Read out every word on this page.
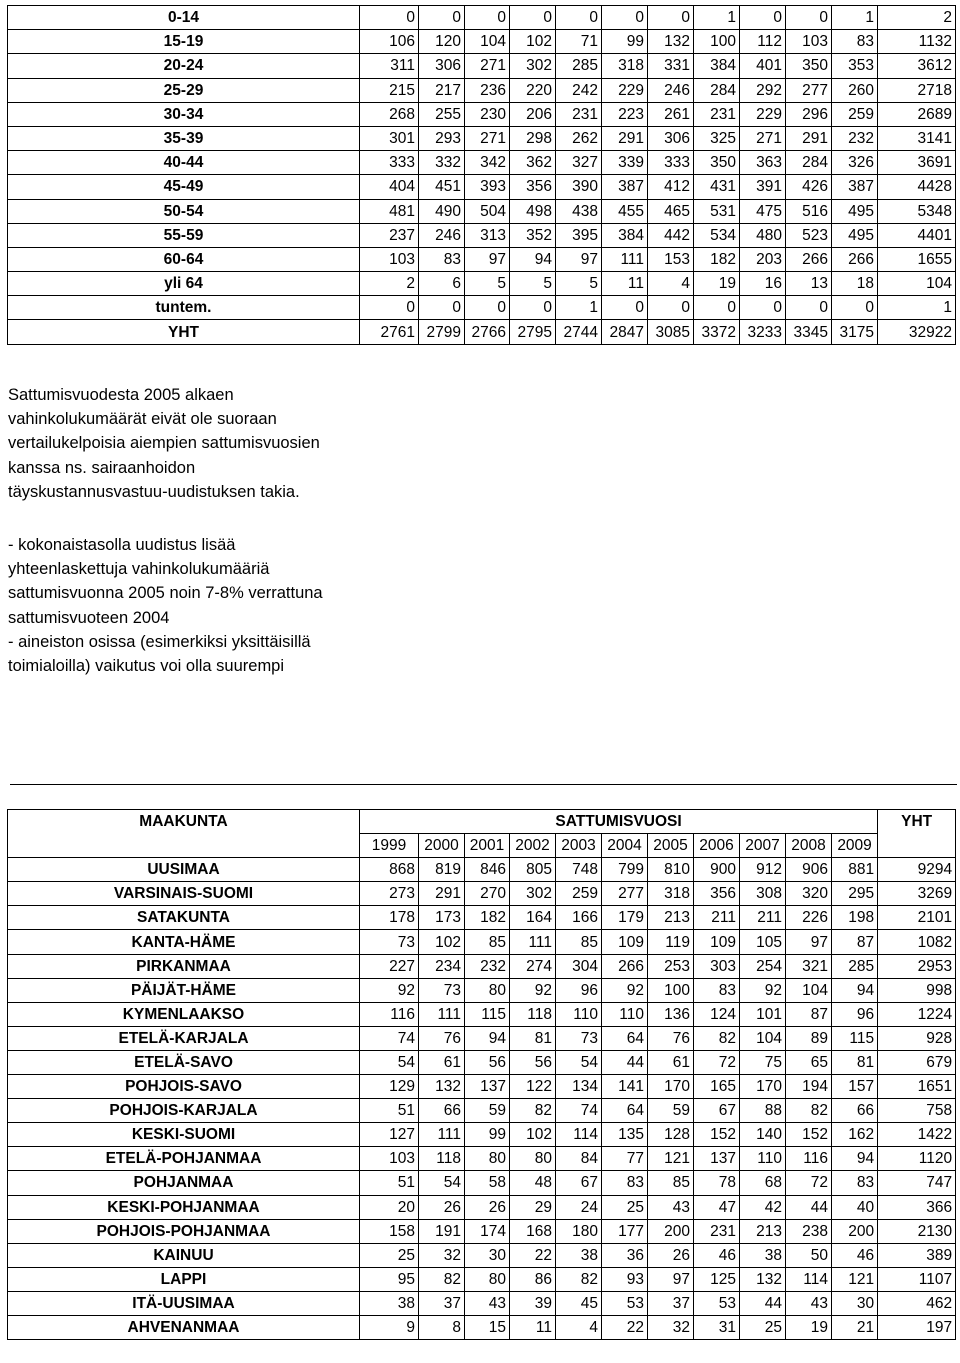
0-14	0	0	0	0	0	0	0	1	0	0	1	2
15-19	106	120	104	102	71	99	132	100	112	103	83	1132
20-24	311	306	271	302	285	318	331	384	401	350	353	3612
25-29	215	217	236	220	242	229	246	284	292	277	260	2718
30-34	268	255	230	206	231	223	261	231	229	296	259	2689
35-39	301	293	271	298	262	291	306	325	271	291	232	3141
40-44	333	332	342	362	327	339	333	350	363	284	326	3691
45-49	404	451	393	356	390	387	412	431	391	426	387	4428
50-54	481	490	504	498	438	455	465	531	475	516	495	5348
55-59	237	246	313	352	395	384	442	534	480	523	495	4401
60-64	103	83	97	94	97	111	153	182	203	266	266	1655
yli 64	2	6	5	5	5	11	4	19	16	13	18	104
tuntem.	0	0	0	0	1	0	0	0	0	0	0	1
YHT	2761	2799	2766	2795	2744	2847	3085	3372	3233	3345	3175	32922
Sattumisvuodesta 2005 alkaen
vahinkolukumäärät eivät ole suoraan
vertailukelpoisia aiempien sattumisvuosien
kanssa ns. sairaanhoidon
täyskustannusvastuu-uudistuksen takia.
- kokonaistasolla uudistus lisää
yhteenlaskettuja vahinkolukumääriä
sattumisvuonna 2005 noin 7-8% verrattuna
sattumisvuoteen 2004
- aineiston osissa (esimerkiksi yksittäisillä
toimialoilla) vaikutus voi olla suurempi
MAAKUNTA	SATTUMISVUOSI											YHT
	1999	2000	2001	2002	2003	2004	2005	2006	2007	2008	2009	
UUSIMAA	868	819	846	805	748	799	810	900	912	906	881	9294
VARSINAIS-SUOMI	273	291	270	302	259	277	318	356	308	320	295	3269
SATAKUNTA	178	173	182	164	166	179	213	211	211	226	198	2101
KANTA-HÄME	73	102	85	111	85	109	119	109	105	97	87	1082
PIRKANMAA	227	234	232	274	304	266	253	303	254	321	285	2953
PÄIJÄT-HÄME	92	73	80	92	96	92	100	83	92	104	94	998
KYMENLAAKSO	116	111	115	118	110	110	136	124	101	87	96	1224
ETELÄ-KARJALA	74	76	94	81	73	64	76	82	104	89	115	928
ETELÄ-SAVO	54	61	56	56	54	44	61	72	75	65	81	679
POHJOIS-SAVO	129	132	137	122	134	141	170	165	170	194	157	1651
POHJOIS-KARJALA	51	66	59	82	74	64	59	67	88	82	66	758
KESKI-SUOMI	127	111	99	102	114	135	128	152	140	152	162	1422
ETELÄ-POHJANMAA	103	118	80	80	84	77	121	137	110	116	94	1120
POHJANMAA	51	54	58	48	67	83	85	78	68	72	83	747
KESKI-POHJANMAA	20	26	26	29	24	25	43	47	42	44	40	366
POHJOIS-POHJANMAA	158	191	174	168	180	177	200	231	213	238	200	2130
KAINUU	25	32	30	22	38	36	26	46	38	50	46	389
LAPPI	95	82	80	86	82	93	97	125	132	114	121	1107
ITÄ-UUSIMAA	38	37	43	39	45	53	37	53	44	43	30	462
AHVENANMAA	9	8	15	11	4	22	32	31	25	19	21	197
